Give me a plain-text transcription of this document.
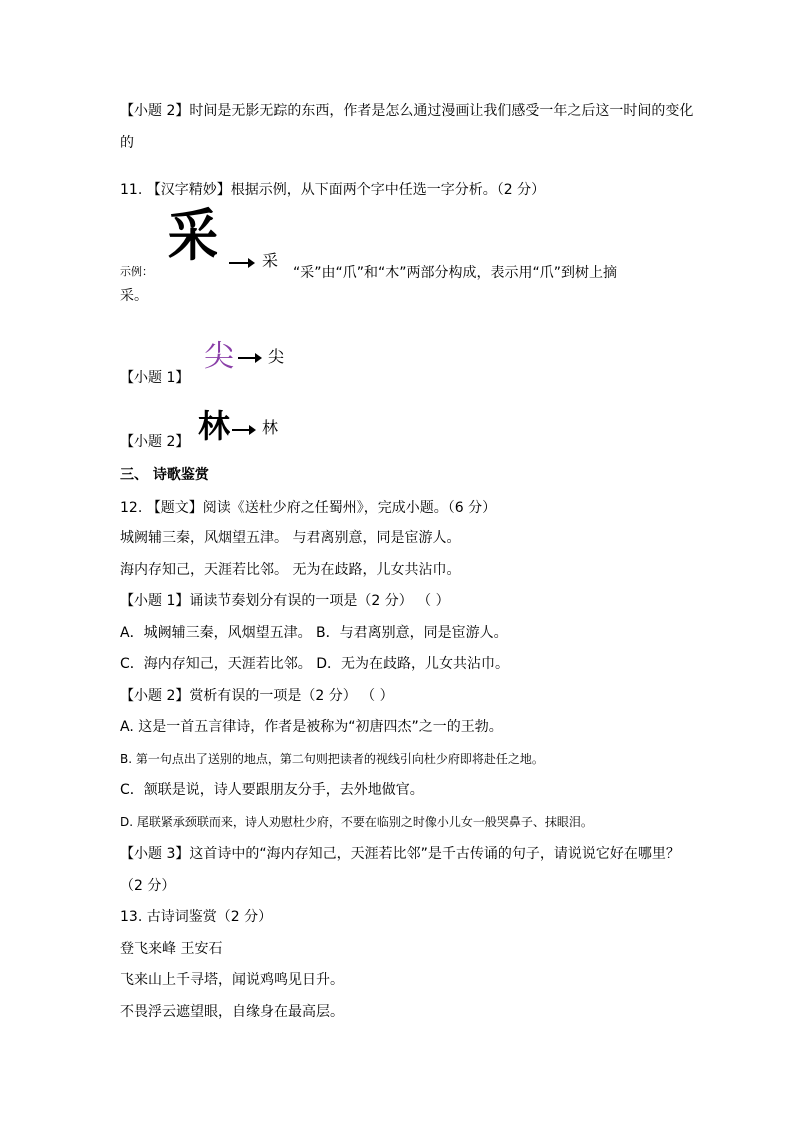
【小题 2】时间是无影无踪的东西，作者是怎么通过漫画让我们感受一年之后这一时间的变化
的
11. 【汉字精妙】根据示例，从下面两个字中任选一字分析。（2 分）
示例：
采	采
“采”由“爪”和“木”两部分构成，表示用“爪”到树上摘
采。
【小题 1】
尖 尖
【小题 2】 林 林
三、 诗歌鉴赏
12. 【题文】阅读《送杜少府之任蜀州》，完成小题。（6 分）
城阙辅三秦，风烟望五津。 与君离别意，同是宦游人。
海内存知己，天涯若比邻。 无为在歧路，儿女共沾巾。
【小题 1】诵读节奏划分有误的一项是（2 分） （ ）
A．城阙辅三秦，风烟望五津。 B．与君离别意，同是宦游人。
C．海内存知己，天涯若比邻。 D．无为在歧路，儿女共沾巾。
【小题 2】赏析有误的一项是（2 分） （ ）
A. 这是一首五言律诗，作者是被称为“初唐四杰”之一的王勃。
B. 第一句点出了送别的地点，第二句则把读者的视线引向杜少府即将赴任之地。
C．颔联是说，诗人要跟朋友分手，去外地做官。
D. 尾联紧承颈联而来，诗人劝慰杜少府，不要在临别之时像小儿女一般哭鼻子、抹眼泪。
【小题 3】这首诗中的“海内存知己，天涯若比邻”是千古传诵的句子，请说说它好在哪里？
（2 分）
13. 古诗词鉴赏（2 分）
登飞来峰 王安石
飞来山上千寻塔，闻说鸡鸣见日升。
不畏浮云遮望眼，自缘身在最高层。
